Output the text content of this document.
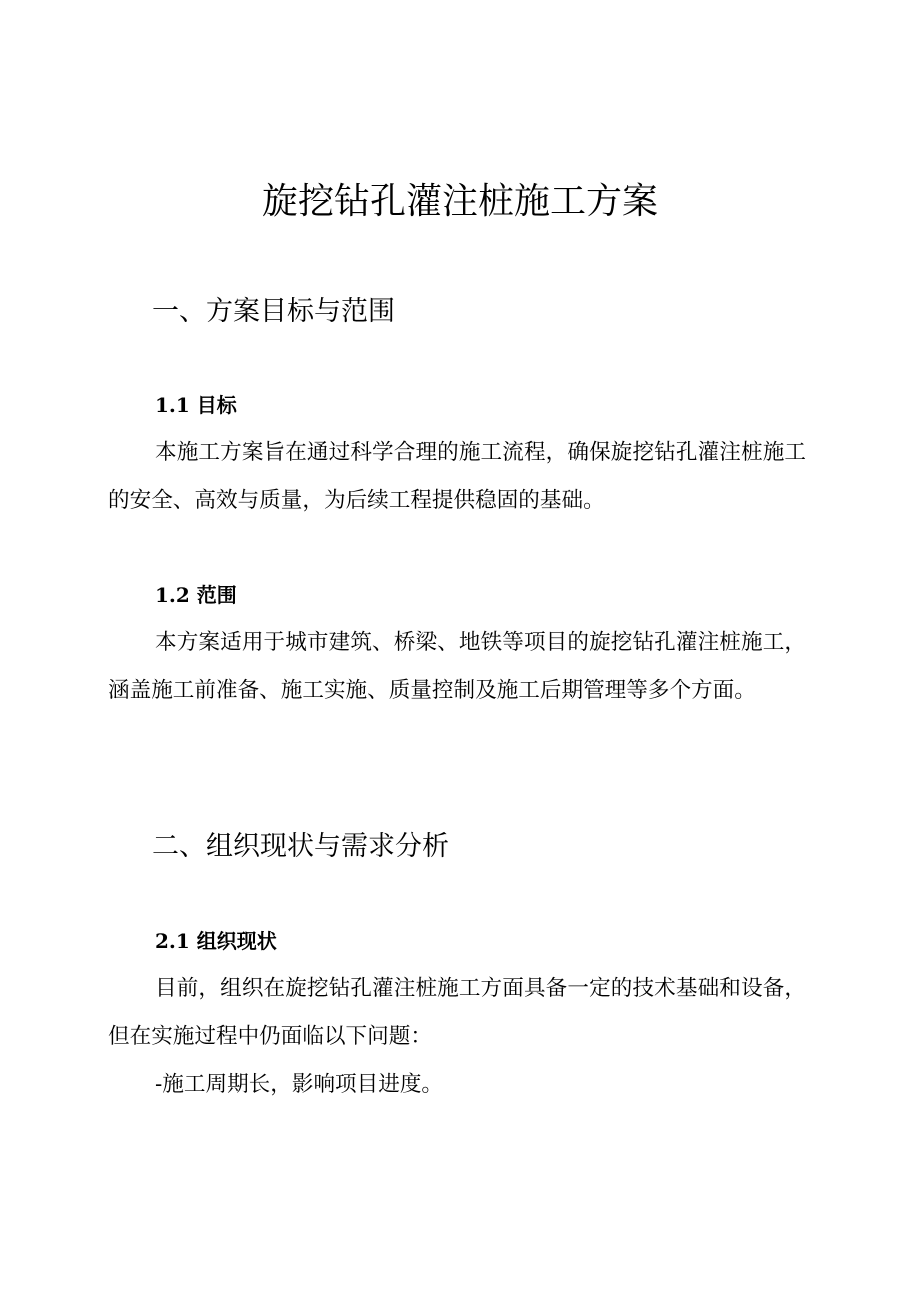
旋挖钻孔灌注桩施工方案
一、方案目标与范围
1.1 目标

本施工方案旨在通过科学合理的施工流程，确保旋挖钻孔灌注桩施工的安全、高效与质量，为后续工程提供稳固的基础。

1.2 范围

本方案适用于城市建筑、桥梁、地铁等项目的旋挖钻孔灌注桩施工，涵盖施工前准备、施工实施、质量控制及施工后期管理等多个方面。

二、组织现状与需求分析
2.1 组织现状

目前，组织在旋挖钻孔灌注桩施工方面具备一定的技术基础和设备，但在实施过程中仍面临以下问题：

-施工周期长，影响项目进度。
